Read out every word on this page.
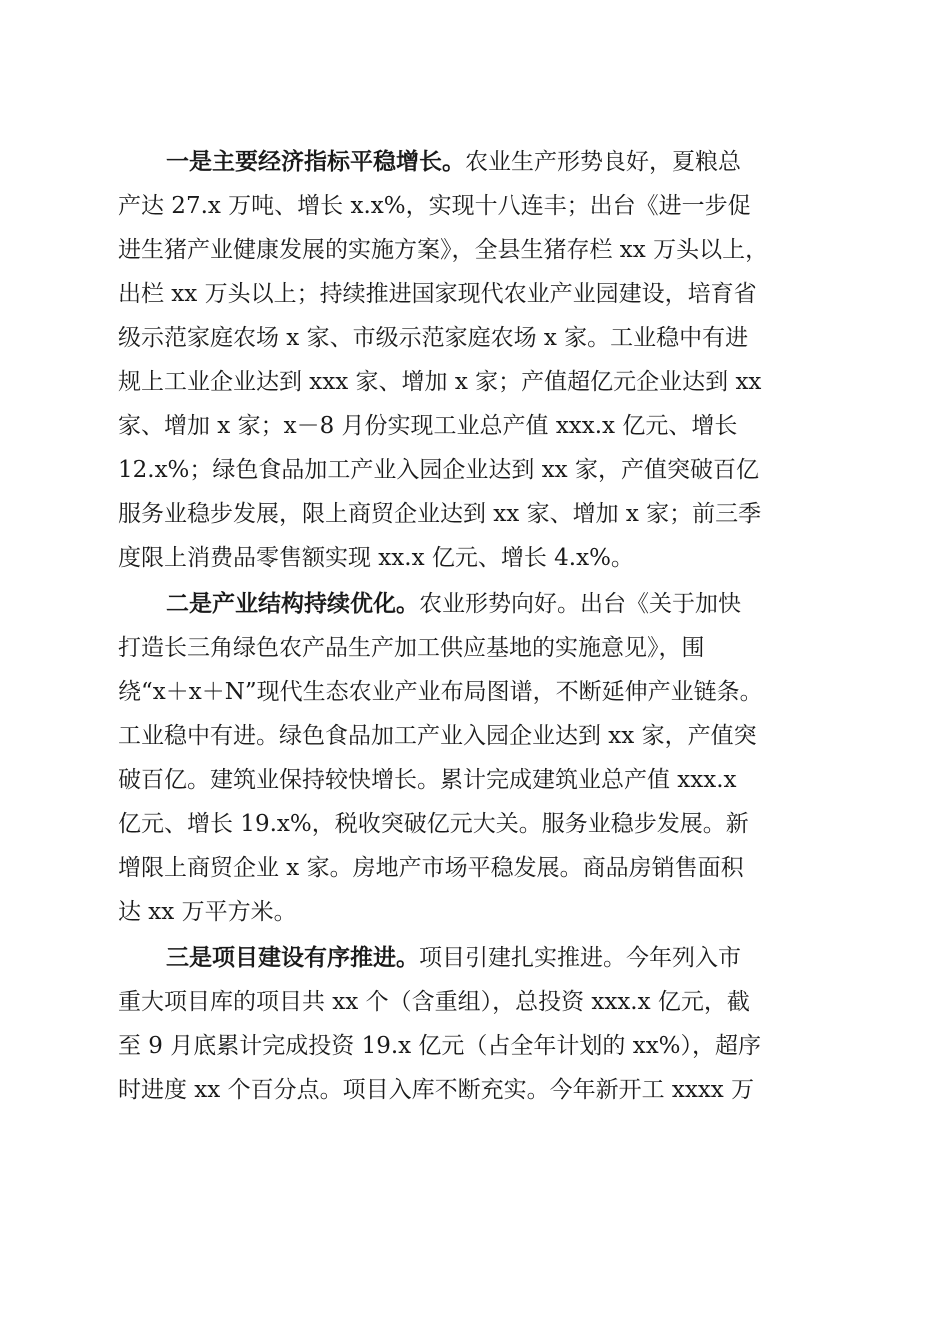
一是主要经济指标平稳增长。农业生产形势良好，夏粮总
产达 27.x 万吨、增长 x.x%，实现十八连丰；出台《进一步促
进生猪产业健康发展的实施方案》，全县生猪存栏 xx 万头以上，
出栏 xx 万头以上；持续推进国家现代农业产业园建设，培育省
级示范家庭农场 x 家、市级示范家庭农场 x 家。工业稳中有进
规上工业企业达到 xxx 家、增加 x 家；产值超亿元企业达到 xx
家、增加 x 家；x－8 月份实现工业总产值 xxx.x 亿元、增长
12.x%；绿色食品加工产业入园企业达到 xx 家，产值突破百亿
服务业稳步发展，限上商贸企业达到 xx 家、增加 x 家；前三季
度限上消费品零售额实现 xx.x 亿元、增长 4.x%。
二是产业结构持续优化。农业形势向好。出台《关于加快
打造长三角绿色农产品生产加工供应基地的实施意见》，围
绕“x＋x＋N”现代生态农业产业布局图谱，不断延伸产业链条。
工业稳中有进。绿色食品加工产业入园企业达到 xx 家，产值突
破百亿。建筑业保持较快增长。累计完成建筑业总产值 xxx.x
亿元、增长 19.x%，税收突破亿元大关。服务业稳步发展。新
增限上商贸企业 x 家。房地产市场平稳发展。商品房销售面积
达 xx 万平方米。
三是项目建设有序推进。项目引建扎实推进。今年列入市
重大项目库的项目共 xx 个（含重组），总投资 xxx.x 亿元，截
至 9 月底累计完成投资 19.x 亿元（占全年计划的 xx%），超序
时进度 xx 个百分点。项目入库不断充实。今年新开工 xxxx 万
